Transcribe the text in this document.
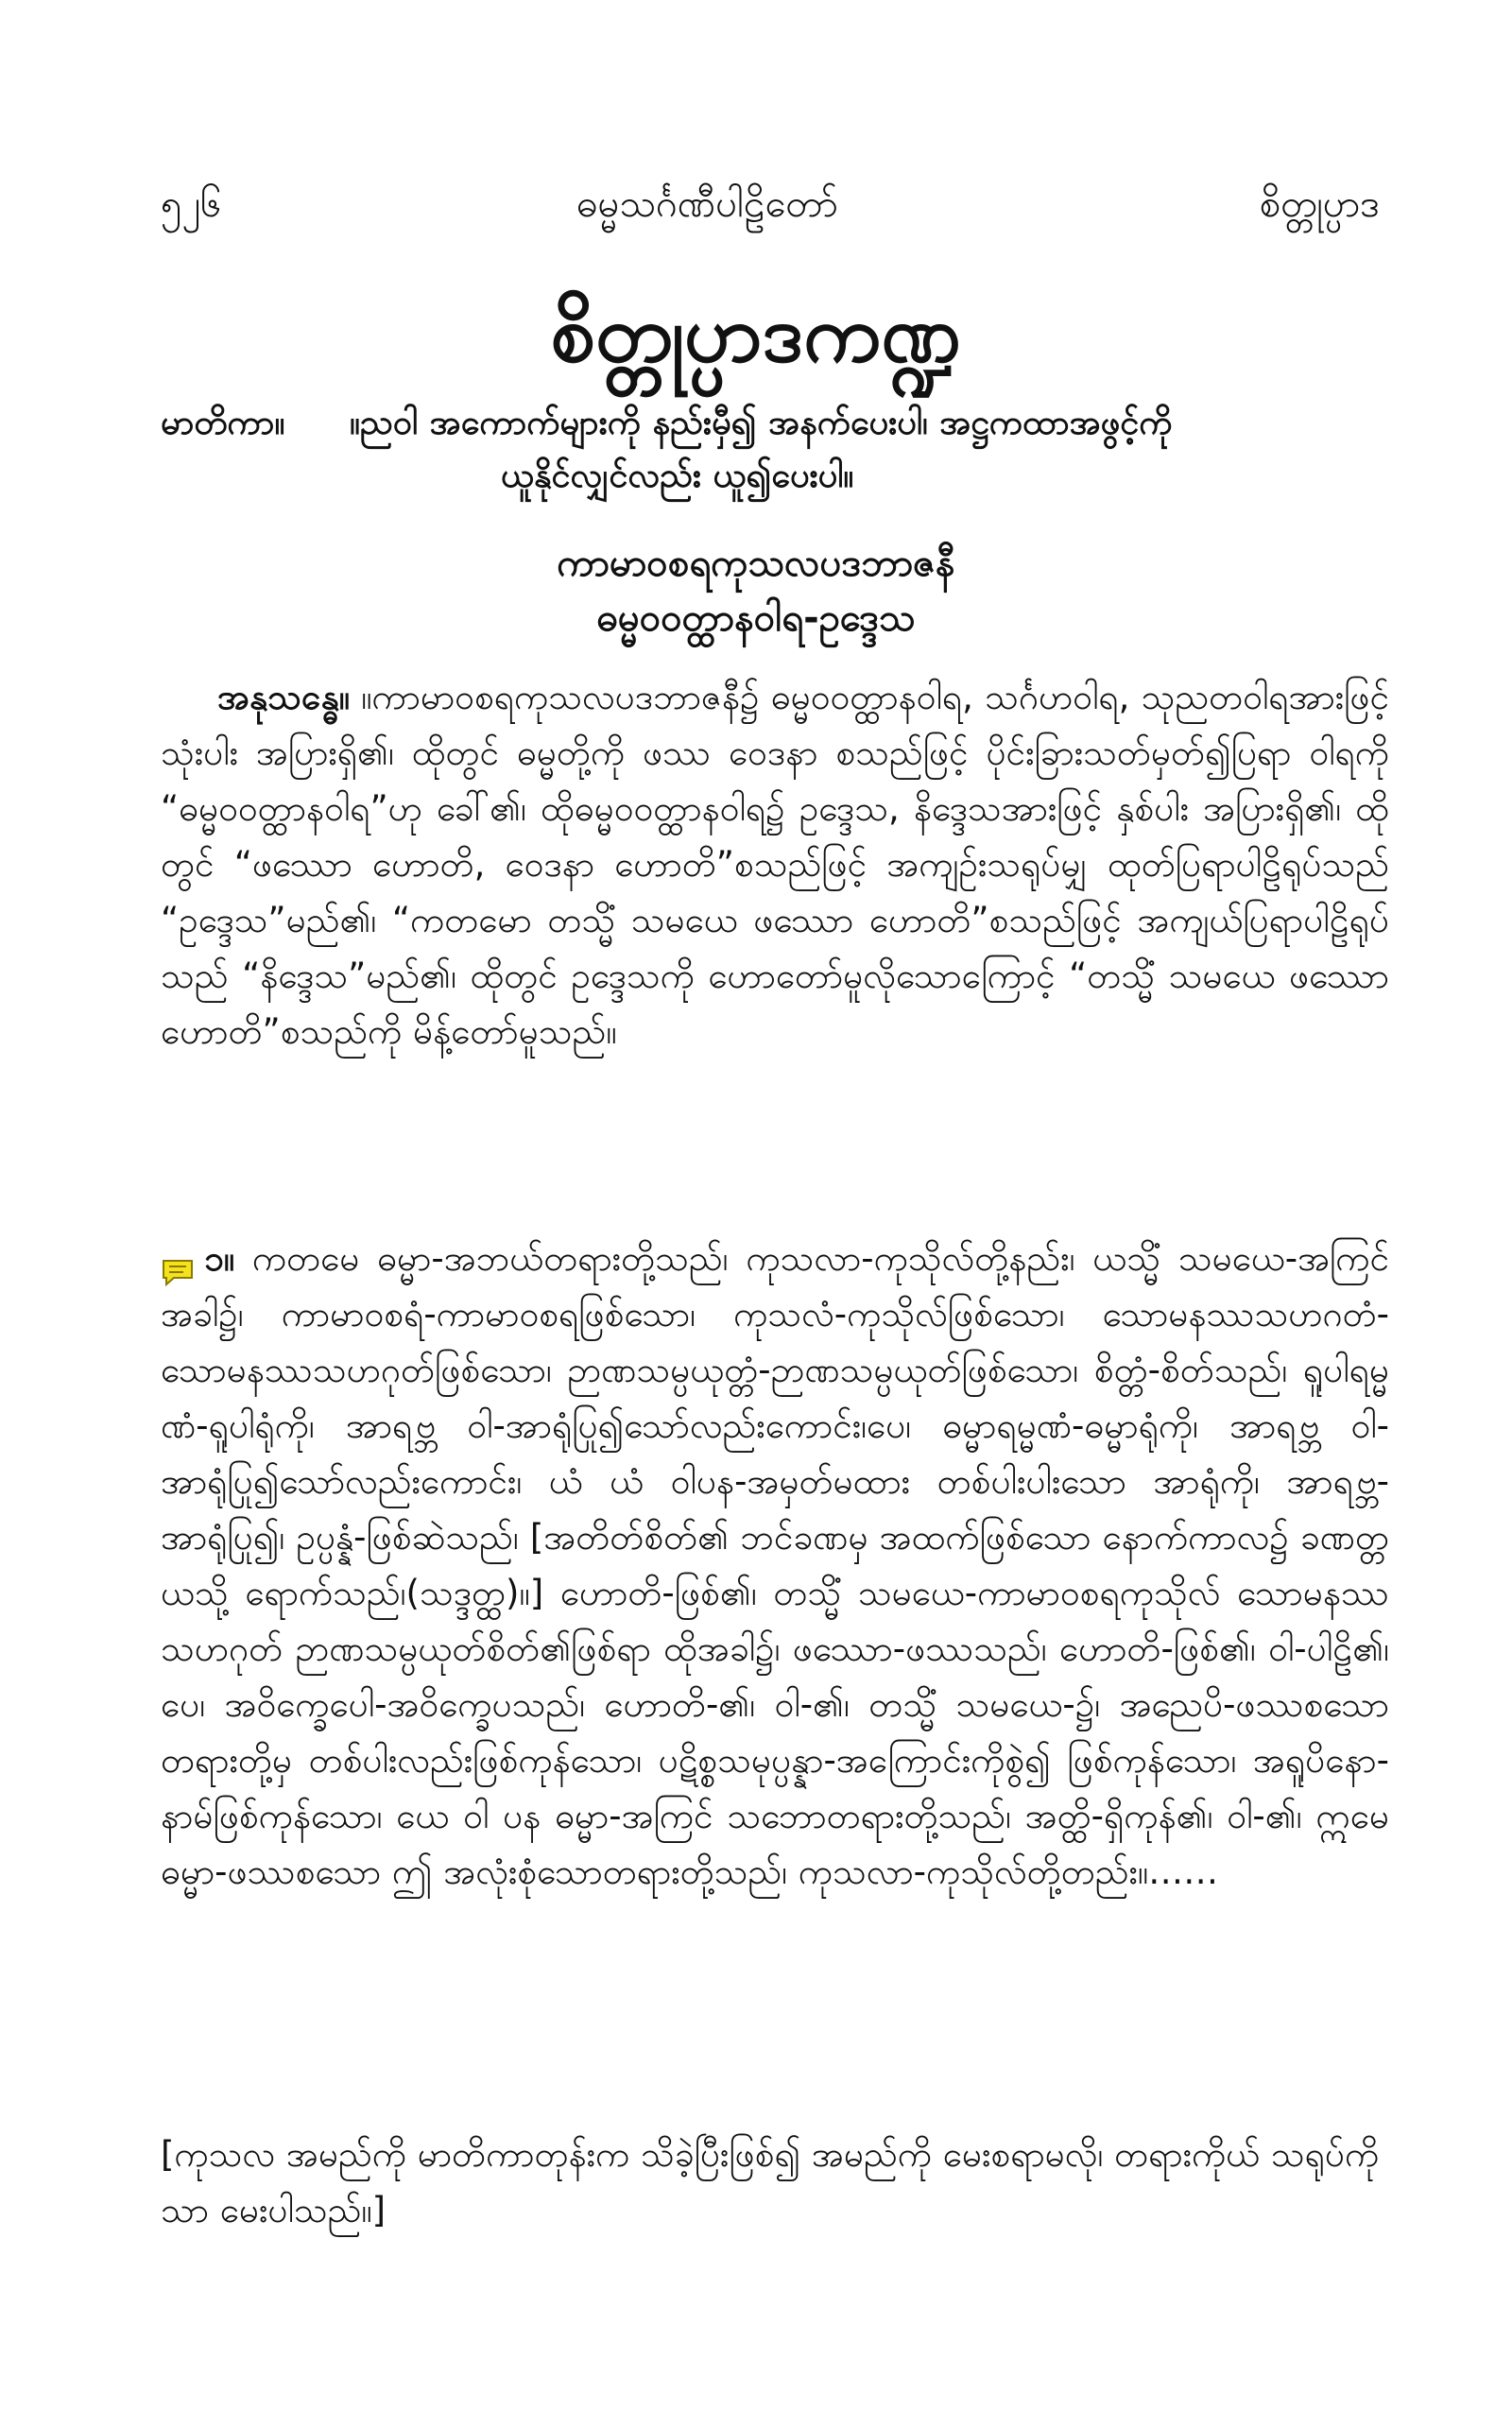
၅၂၆	ဓမ္မသင်္ဂဏီပါဠိတော်	စိတ္တုပ္ပာဒ
စိတ္တုပ္ပာဒကဏ္ဍ
မာတိကာ။ ။ညဝါ အကောက်များကို နည်းမှီ၍ အနက်ပေးပါ၊ အဋ္ဌကထာအဖွင့်ကို
ယူနိုင်လျှင်လည်း ယူ၍ပေးပါ။
ကာမာဝစရကုသလပဒဘာဇနီ
ဓမ္မဝဝတ္ထာနဝါရ-ဥဒ္ဒေသ
အနုသန္ဓေ။ ။ကာမာဝစရကုသလပဒဘာဇနီ၌ ဓမ္မဝဝတ္ထာနဝါရ, သင်္ဂဟဝါရ, သုညတဝါရအားဖြင့် သုံးပါး အပြားရှိ၏၊ ထိုတွင် ဓမ္မတို့ကို ဖဿ ဝေဒနာ စသည်ဖြင့် ပိုင်းခြားသတ်မှတ်၍ပြရာ ဝါရကို “ဓမ္မဝဝတ္ထာနဝါရ”ဟု ခေါ်၏၊ ထိုဓမ္မဝဝတ္ထာနဝါရ၌ ဥဒ္ဒေသ, နိဒ္ဒေသအားဖြင့် နှစ်ပါး အပြားရှိ၏၊ ထိုတွင် “ဖဿော ဟောတိ, ဝေဒနာ ဟောတိ”စသည်ဖြင့် အကျဉ်းသရုပ်မျှ ထုတ်ပြရာပါဠိရုပ်သည် “ဥဒ္ဒေသ”မည်၏၊ “ကတမော တသ္မိံ သမယေ ဖဿော ဟောတိ”စသည်ဖြင့် အကျယ်ပြရာပါဠိရုပ်သည် “နိဒ္ဒေသ”မည်၏၊ ထိုတွင် ဥဒ္ဒေသကို ဟောတော်မူလိုသောကြောင့် “တသ္မိံ သမယေ ဖဿော ဟောတိ”စသည်ကို မိန့်တော်မူသည်။
၁။ ကတမေ ဓမ္မာ-အဘယ်တရားတို့သည်၊ ကုသလာ-ကုသိုလ်တို့နည်း၊ ယသ္မိံ သမယေ-အကြင်အခါ၌၊ ကာမာဝစရံ-ကာမာဝစရဖြစ်သော၊ ကုသလံ-ကုသိုလ်ဖြစ်သော၊ သောမနဿသဟဂတံ-သောမနဿသဟဂုတ်ဖြစ်သော၊ ဉာဏသမ္ပယုတ္တံ-ဉာဏသမ္ပယုတ်ဖြစ်သော၊ စိတ္တံ-စိတ်သည်၊ ရူပါရမ္မဏံ-ရူပါရုံကို၊ အာရဗ္ဘ ဝါ-အာရုံပြု၍သော်လည်းကောင်း၊ပေ၊ ဓမ္မာရမ္မဏံ-ဓမ္မာရုံကို၊ အာရဗ္ဘ ဝါ-အာရုံပြု၍သော်လည်းကောင်း၊ ယံ ယံ ဝါပန-အမှတ်မထား တစ်ပါးပါးသော အာရုံကို၊ အာရဗ္ဘ-အာရုံပြု၍၊ ဥပ္ပန္နံ-ဖြစ်ဆဲသည်၊ [အတိတ်စိတ်၏ ဘင်ခဏမှ အထက်ဖြစ်သော နောက်ကာလ၌ ခဏတ္တယသို့ ရောက်သည်၊(သဒ္ဒတ္ထ)။] ဟောတိ-ဖြစ်၏၊ တသ္မိံ သမယေ-ကာမာဝစရကုသိုလ် သောမနဿသဟဂုတ် ဉာဏသမ္ပယုတ်စိတ်၏ဖြစ်ရာ ထိုအခါ၌၊ ဖဿော-ဖဿသည်၊ ဟောတိ-ဖြစ်၏၊ ဝါ-ပါဠိ၏၊ပေ၊ အဝိက္ခေပေါ-အဝိက္ခေပသည်၊ ဟောတိ-၏၊ ဝါ-၏၊ တသ္မိံ သမယေ-၌၊ အညေပိ-ဖဿစသော တရားတို့မှ တစ်ပါးလည်းဖြစ်ကုန်သော၊ ပဋိစ္စသမုပ္ပန္နာ-အကြောင်းကိုစွဲ၍ ဖြစ်ကုန်သော၊ အရူပိနော-နာမ်ဖြစ်ကုန်သော၊ ယေ ဝါ ပန ဓမ္မာ-အကြင် သဘောတရားတို့သည်၊ အတ္ထိ-ရှိကုန်၏၊ ဝါ-၏၊ ဣမေ ဓမ္မာ-ဖဿစသော ဤ အလုံးစုံသောတရားတို့သည်၊ ကုသလာ-ကုသိုလ်တို့တည်း။……
[ကုသလ အမည်ကို မာတိကာတုန်းက သိခဲ့ပြီးဖြစ်၍ အမည်ကို မေးစရာမလို၊ တရားကိုယ် သရုပ်ကိုသာ မေးပါသည်။]
